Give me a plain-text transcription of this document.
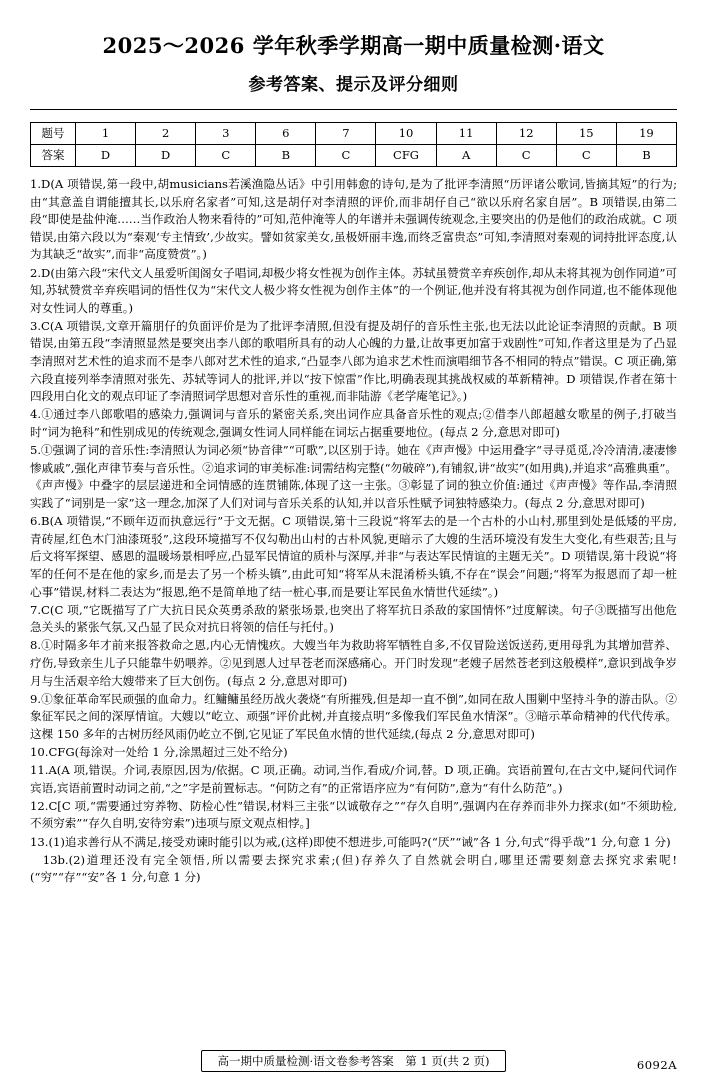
2025～2026 学年秋季学期高一期中质量检测·语文
参考答案、提示及评分细则
题号	1	2	3	6	7	10	11	12	15	19
答案	D	D	C	B	C	CFG	A	C	C	B

1.D(A 项错误,第一段中,胡musicians若溪渔隐丛话》中引用韩愈的诗句,是为了批评李清照“历评诸公歌词,皆摘其短”的行为;由“其意盖自谓能擅其长,以乐府名家者”可知,这是胡仔对李清照的评价,而非胡仔自己“欲以乐府名家自居”。B 项错误,由第二段“即使是盐仲淹……当作政治人物来看待的”可知,范仲淹等人的年谱并未强调传统观念,主要突出的仍是他们的政治成就。C 项错误,由第六段以为“秦观‘专主情致’,少故实。譬如贫家美女,虽极妍丽丰逸,而终乏富贵态”可知,李清照对秦观的词持批评态度,认为其缺乏“故实”,而非“高度赞赏”。)

2.D(由第六段“宋代文人虽爱听闺阁女子唱词,却极少将女性视为创作主体。苏轼虽赞赏辛弃疾创作,却从未将其视为创作同道”可知,苏轼赞赏辛弃疾唱词的悟性仅为“宋代文人极少将女性视为创作主体”的一个例证,他并没有将其视为创作同道,也不能体现他对女性词人的尊重。)

3.C(A 项错误,文章开篇朋仔的负面评价是为了批评李清照,但没有提及胡仔的音乐性主张,也无法以此论证李清照的贡献。B 项错误,由第五段“李清照显然是要突出李八郎的歌唱所具有的动人心魄的力量,让故事更加富于戏剧性”可知,作者这里是为了凸显李清照对艺术性的追求而不是李八郎对艺术性的追求,“凸显李八郎为追求艺术性而演唱细节各不相同的特点”错误。C 项正确,第六段直接列举李清照对张先、苏轼等词人的批评,并以“按下惊雷”作比,明确表现其挑战权威的革新精神。D 项错误,作者在第十四段用白化文的观点印证了李清照词学思想对音乐性的重视,而非陆游《老学庵笔记》。)

4.①通过李八郎歌唱的感染力,强调词与音乐的紧密关系,突出词作应具备音乐性的观点;②借李八郎超越女歌星的例子,打破当时“词为艳科”和性别成见的传统观念,强调女性词人同样能在词坛占据重要地位。(每点 2 分,意思对即可)

5.①强调了词的音乐性:李清照认为词必须“协音律”“可歌”,以区别于诗。她在《声声慢》中运用叠字“寻寻觅觅,冷冷清清,凄凄惨惨戚戚”,强化声律节奏与音乐性。②追求词的审美标准:词需结构完整(“勿破碎”),有铺叙,讲“故实”(如用典),并追求“高雅典重”。《声声慢》中叠字的层层递进和全词情感的连贯铺陈,体现了这一主张。③彰显了词的独立价值:通过《声声慢》等作品,李清照实践了“词别是一家”这一理念,加深了人们对词与音乐关系的认知,并以音乐性赋予词独特感染力。(每点 2 分,意思对即可)

6.B(A 项错误,“不顾年迈而执意远行”于文无据。C 项错误,第十三段说“将军去的是一个古朴的小山村,那里到处是低矮的平房,青砖屋,红色木门油漆斑驳”,这段环境描写不仅勾勒出山村的古朴风貌,更暗示了大嫂的生活环境没有发生大变化,有些艰苦;且与后文将军探望、感恩的温暖场景相呼应,凸显军民情谊的质朴与深厚,并非“与表达军民情谊的主题无关”。D 项错误,第十段说“将军的任何不是在他的家乡,而是去了另一个桥头镇”,由此可知“将军从未混淆桥头镇,不存在“误会”问题;“将军为报恩而了却一桩心事”错误,材料二表达为“报恩,绝不是简单地了结一桩心事,而是要让军民鱼水情世代延续”。)

7.C(C 项,“它既描写了广大抗日民众英勇杀敌的紧张场景,也突出了将军抗日杀敌的家国情怀”过度解读。句子③既描写出他危急关头的紧张气氛,又凸显了民众对抗日将领的信任与托付。)

8.①时隔多年才前来报答救命之恩,内心无情愧疚。大嫂当年为救助将军牺牲自多,不仅冒险送饭送药,更用母乳为其增加营养、疗伤,导致亲生儿子只能靠牛奶喂养。②见到恩人过早苍老而深感痛心。开门时发现“老嫂子居然苍老到这般模样”,意识到战争岁月与生活艰辛给大嫂带来了巨大创伤。(每点 2 分,意思对即可)

9.①象征革命军民顽强的血命力。红鳙鳙虽经历战火袭烧“有所摧残,但是却一直不倒”,如同在敌人围剿中坚持斗争的游击队。②象征军民之间的深厚情谊。大嫂以“屹立、顽强”评价此树,并直接点明“多像我们军民鱼水情深”。③暗示革命精神的代代传承。这棵 150 多年的古树历经风雨仍屹立不倒,它见证了军民鱼水情的世代延续,(每点 2 分,意思对即可)

10.CFG(每涂对一处给 1 分,涂黑超过三处不给分)

11.A(A 项,错误。介词,表原因,因为/依据。C 项,正确。动词,当作,看成/介词,替。D 项,正确。宾语前置句,在古文中,疑问代词作宾语,宾语前置时动词之前,“之”字是前置标志。“何防之有”的正常语序应为“有何防”,意为“有什么防范”。)

12.C[C 项,“需要通过穷养物、防检心性”错误,材料三主张“以诚敬存之”“存久自明”,强调内在存养而非外力探求(如“不须助检,不须穷索”“存久自明,安待穷索”)违项与原文观点相悖。]

13.(1)追求善行从不满足,接受劝谏时能引以为戒,(这样)即使不想进步,可能吗?(“厌”“诫”各 1 分,句式“得乎哉”1 分,句意 1 分)

13b.(2)道理还没有完全领悟,所以需要去探究求索;(但)存养久了自然就会明白,哪里还需要刻意去探究求索呢!(“穷”“存”“安”各 1 分,句意 1 分)

高一期中质量检测·语文卷参考答案　第 1 页(共 2 页)	6092A
